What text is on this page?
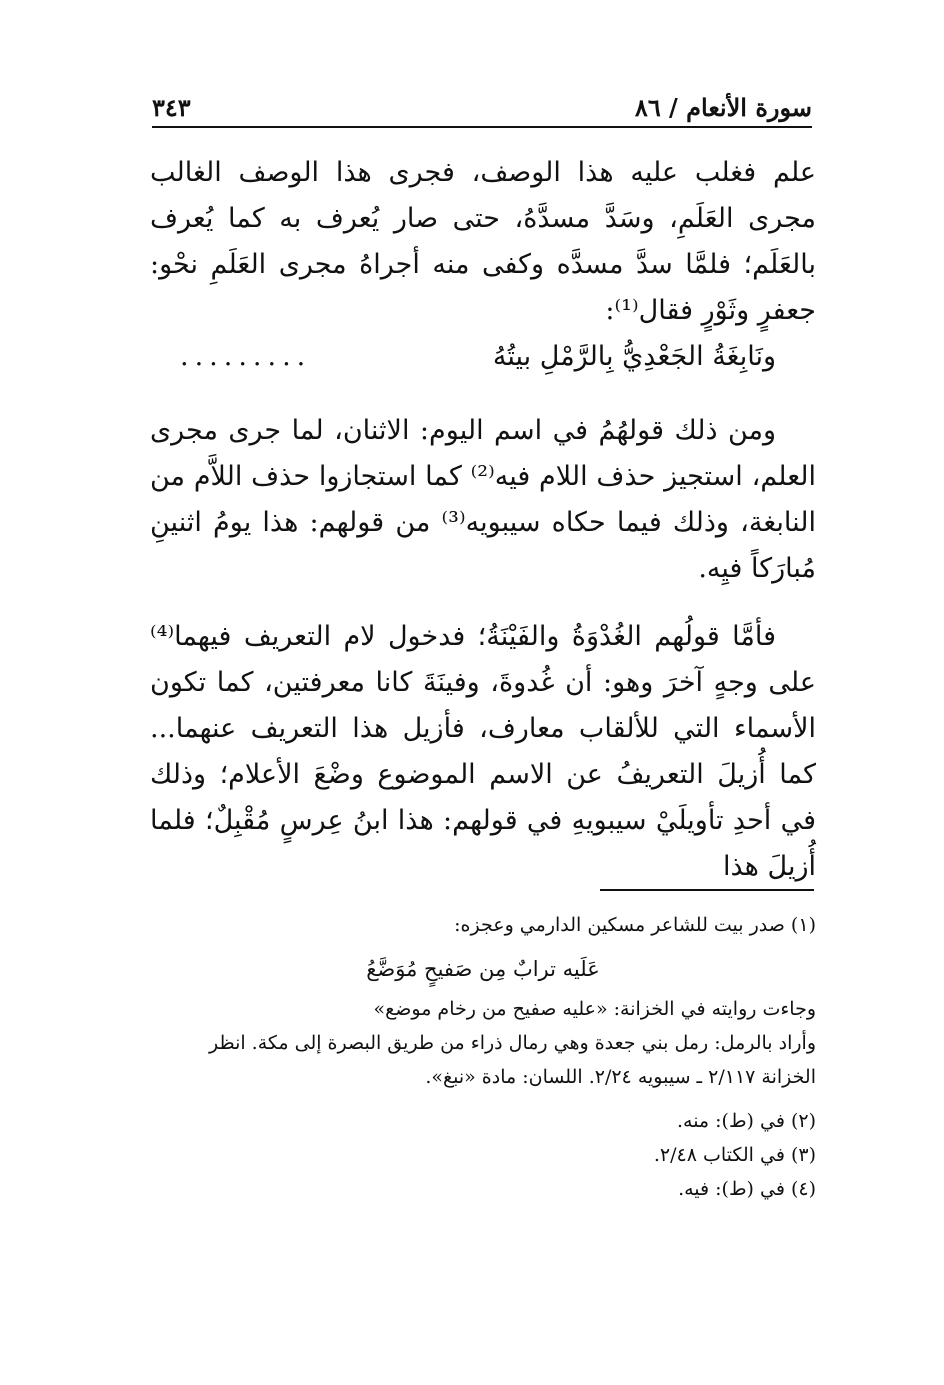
سورة الأنعام / ٨٦
٣٤٣

علم فغلب عليه هذا الوصف، فجرى هذا الوصف الغالب مجرى العَلَمِ، وسَدَّ مسدَّهُ، حتى صار يُعرف به كما يُعرف بالعَلَم؛ فلمَّا سدَّ مسدَّه وكفى منه أجراهُ مجرى العَلَمِ نحْو: جعفرٍ وثَوْرٍ فقال⁽¹⁾:

ونَابِغَةُ الجَعْدِيُّ بِالرَّمْلِ بيتُهُ
.........

ومن ذلك قولهُمُ في اسم اليوم: الاثنان، لما جرى مجرى العلم، استجيز حذف اللام فيه⁽²⁾ كما استجازوا حذف اللاَّم من النابغة، وذلك فيما حكاه سيبويه⁽³⁾ من قولهم: هذا يومُ اثنينِ مُبارَكاً فيِه.

فأمَّا قولُهم الغُدْوَةُ والفَيْنَةُ؛ فدخول لام التعريف فيهما⁽⁴⁾ على وجهٍ آخرَ وهو: أن غُدوةَ، وفينَةَ كانا معرفتين، كما تكون الأسماء التي للألقاب معارف، فأزيل هذا التعريف عنهما... كما أُزيلَ التعريفُ عن الاسم الموضوع وضْعَ الأعلام؛ وذلك في أحدِ تأويلَيْ سيبويهِ في قولهم: هذا ابنُ عِرسٍ مُقْبِلٌ؛ فلما أُزيلَ هذا

(١) صدر بيت للشاعر مسكين الدارمي وعجزه:

عَلَيه ترابٌ مِن صَفيحٍ مُوَضَّعُ

وجاءت روايته في الخزانة: «عليه صفيح من رخام موضع»

وأراد بالرمل: رمل بني جعدة وهي رمال ذراء من طريق البصرة إلى مكة. انظر الخزانة ٢/١١٧ ـ سيبويه ٢/٢٤. اللسان: مادة «نبغ».

(٢) في (ط): منه.

(٣) في الكتاب ٢/٤٨.

(٤) في (ط): فيه.
